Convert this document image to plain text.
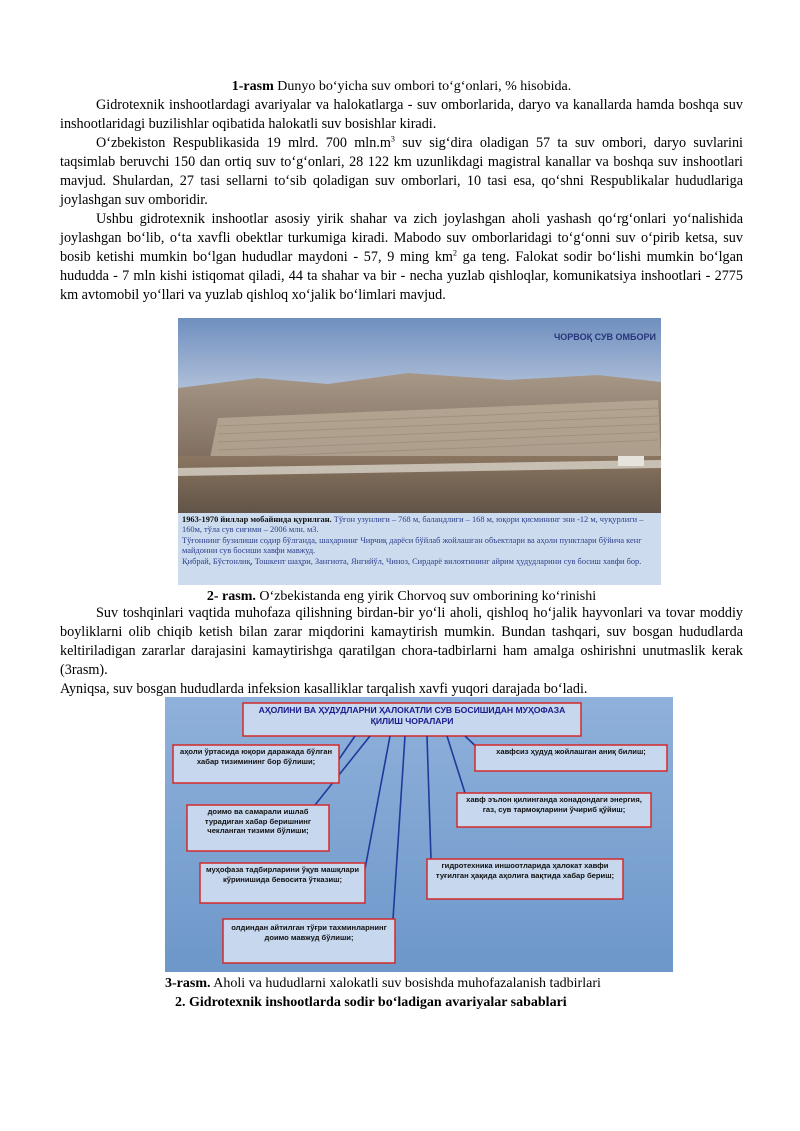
1-rasm Dunyo bo‘yicha suv ombori to‘g‘onlari, % hisobida.

Gidrotexnik inshootlardagi avariyalar va halokatlarga - suv omborlarida, daryo va kanallarda hamda boshqa suv inshootlaridagi buzilishlar oqibatida halokatli suv bosishlar kiradi.

O‘zbekiston Respublikasida 19 mlrd. 700 $mln.m^3$ suv sig‘dira oladigan 57 ta suv ombori, daryo suvlarini taqsimlab beruvchi 150 dan ortiq suv to‘g‘onlari, 28 122 km uzunlikdagi magistral kanallar va boshqa suv inshootlari mavjud. Shulardan, 27 tasi sellarni to‘sib qoladigan suv omborlari, 10 tasi esa, qo‘shni Respublikalar hududlariga joylashgan suv omboridir.

Ushbu gidrotexnik inshootlar asosiy yirik shahar va zich joylashgan aholi yashash qo‘rg‘onlari yo‘nalishida joylashgan bo‘lib, o‘ta xavfli obektlar turkumiga kiradi. Mabodo suv omborlaridagi to‘g‘onni suv o‘pirib ketsa, suv bosib ketishi mumkin bo‘lgan hududlar maydoni - 57, 9 ming $km^2$ ga teng. Falokat sodir bo‘lishi mumkin bo‘lgan hududda - 7 mln kishi istiqomat qiladi, 44 ta shahar va bir - necha yuzlab qishloqlar, komunikatsiya inshootlari - 2775 km avtomobil yo‘llari va yuzlab qishloq xo‘jalik bo‘limlari mavjud.

ЧОРВОҚ СУВ ОМБОРИ
1963-1970 йиллар мобайнида қурилган. Тўғон узунлиги – 768 м, баландлиги – 168 м, юқори қисмининг эни -12 м, чуқурлиги – 160м, тўла сув сиғими – 2006 млн. м3.
Тўғоннинг бузилиши содир бўлганда, шаҳарнинг Чирчиқ дарёси бўйлаб жойлашган объектлари ва аҳоли пунктлари бўйича кенг майдонни сув босиши хавфи мавжуд.
Қибрай, Бўстонлиқ, Тошкент шаҳри, Зангиота, Янгийўл, Чиноз, Сирдарё вилоятининг айрим ҳудудларини сув босиш хавфи бор.
2- rasm. O‘zbekistanda eng yirik Chorvoq suv omborining ko‘rinishi

Suv toshqinlari vaqtida muhofaza qilishning birdan-bir yo‘li aholi, qishloq ho‘jalik hayvonlari va tovar moddiy boyliklarni olib chiqib ketish bilan zarar miqdorini kamaytirish mumkin. Bundan tashqari, suv bosgan hududlarda keltiriladigan zararlar darajasini kamaytirishga qaratilgan chora-tadbirlarni ham amalga oshirishni unutmaslik kerak (3rasm).

Ayniqsa, suv bosgan hududlarda infeksion kasalliklar tarqalish xavfi yuqori darajada bo‘ladi.

АҲОЛИНИ ВА ҲУДУДЛАРНИ ҲАЛОКАТЛИ СУВ БОСИШИДАН МУҲОФАЗА ҚИЛИШ ЧОРАЛАРИ
аҳоли ўртасида юқори даражада бўлган хабар тизимининг бор бўлиши;
доимо ва самарали ишлаб турадиган хабар беришнинг чекланган тизими бўлиши;
муҳофаза тадбирларини ўқув машқлари кўринишида бевосита ўтказиш;
олдиндан айтилган тўғри тахминларнинг доимо мавжуд бўлиши;
хавфсиз ҳудуд жойлашган аниқ билиш;
хавф эълон қилинганда хонадондаги энергия, газ, сув тармоқларини ўчириб қўйиш;
гидротехника иншоотларида ҳалокат хавфи туғилган ҳақида аҳолига вақтида хабар бериш;
3-rasm. Aholi va hududlarni xalokatli suv bosishda muhofazalanish tadbirlari
2. Gidrotexnik inshootlarda sodir bo‘ladigan avariyalar sabablari
